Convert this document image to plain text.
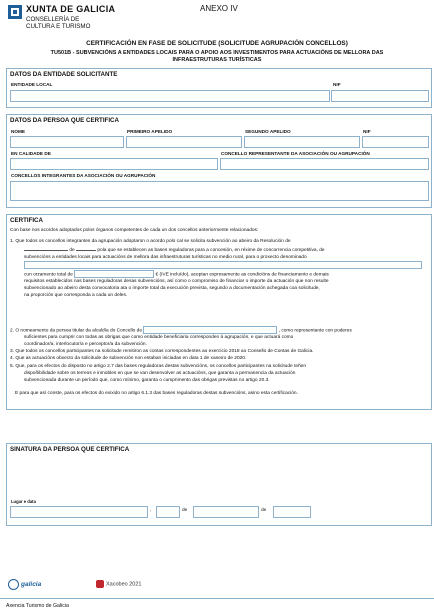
XUNTA DE GALICIA
CONSELLERÍA DE
CULTURA E TURISMO
ANEXO IV
CERTIFICACIÓN EN FASE DE SOLICITUDE (SOLICITUDE AGRUPACIÓN CONCELLOS)
TU501B - SUBVENCIÓNS A ENTIDADES LOCAIS PARA O APOIO AOS INVESTIMENTOS PARA ACTUACIÓNS DE MELLORA DAS INFRAESTRUTURAS TURÍSTICAS
DATOS DA ENTIDADE SOLICITANTE
ENTIDADE LOCAL	NIF
DATOS DA PERSOA QUE CERTIFICA
NOME	PRIMEIRO APELIDO	SEGUNDO APELIDO	NIF
EN CALIDADE DE	CONCELLO REPRESENTANTE DA ASOCIACIÓN OU AGRUPACIÓN
CONCELLOS INTEGRANTES DA ASOCIACIÓN OU AGRUPACIÓN
CERTIFICA
Con base nos acordos adoptados polos órganos competentes de cada un dos concellos anteriormente relacionados:
1. Que todos os concellos integrantes da agrupación adoptaron o acordo polo cal se solicita subvención ao abeiro da Resolución de
de	pola que se establecen as bases reguladoras para a concesión, en réxime de concorrencia competitiva, de
subvencións a entidades locais para actuacións de mellora das infraestruturas turísticas no medio rural, para o proxecto denominado
cun orzamento total de	€ (IVE incluído), aceptan expresamente as condicións de financiamento e demais
requisitos establecidos nas bases reguladoras desas subvencións, así como o compromiso de financiar o importe da actuación que non resulte
subvencionado ao abeiro desta convocatoria ata o importe total da execución prevista, segundo a documentación achegada coa solicitude,
na proporción que corresponda a cada un deles.
2. O nomeamento da persoa titular da alcaldía do Concello de	, como representante con poderes
suficientes para cumprir con todas as obrigas que como entidade beneficiaria corresponden á agrupación, e que actuará como
coordinador/a, interlocutor/a e perceptor/a da subvención.
3. Que todos os concellos participantes na solicitude remitiron as contas correspondentes ao exercicio 2018 ao Consello de Contas de Galicia.
4. Que as actuacións obxecto da solicitude de subvención non estaban iniciadas en data 1 de xaneiro de 2020.
5. Que, para os efectos do disposto no artigo 2.7 das bases reguladoras destas subvencións, os concellos participantes na solicitude teñen
dispoñibilidade sobre os terreos e inmobles en que se van desenvolver as actuacións, que garanta a permanencia da actuación
subvencionada durante un período que, como mínimo, garanta o cumprimento das obrigas previstas no artigo 20.3.
E para que así conste, para os efectos do exixido no artigo 6.1.3 das bases reguladoras destas subvencións, asino esta certificación.
SINATURA DA PERSOA QUE CERTIFICA
Lugar e data
,	de	de
galicia	Xacobeo 2021
Axencia Turismo de Galicia
